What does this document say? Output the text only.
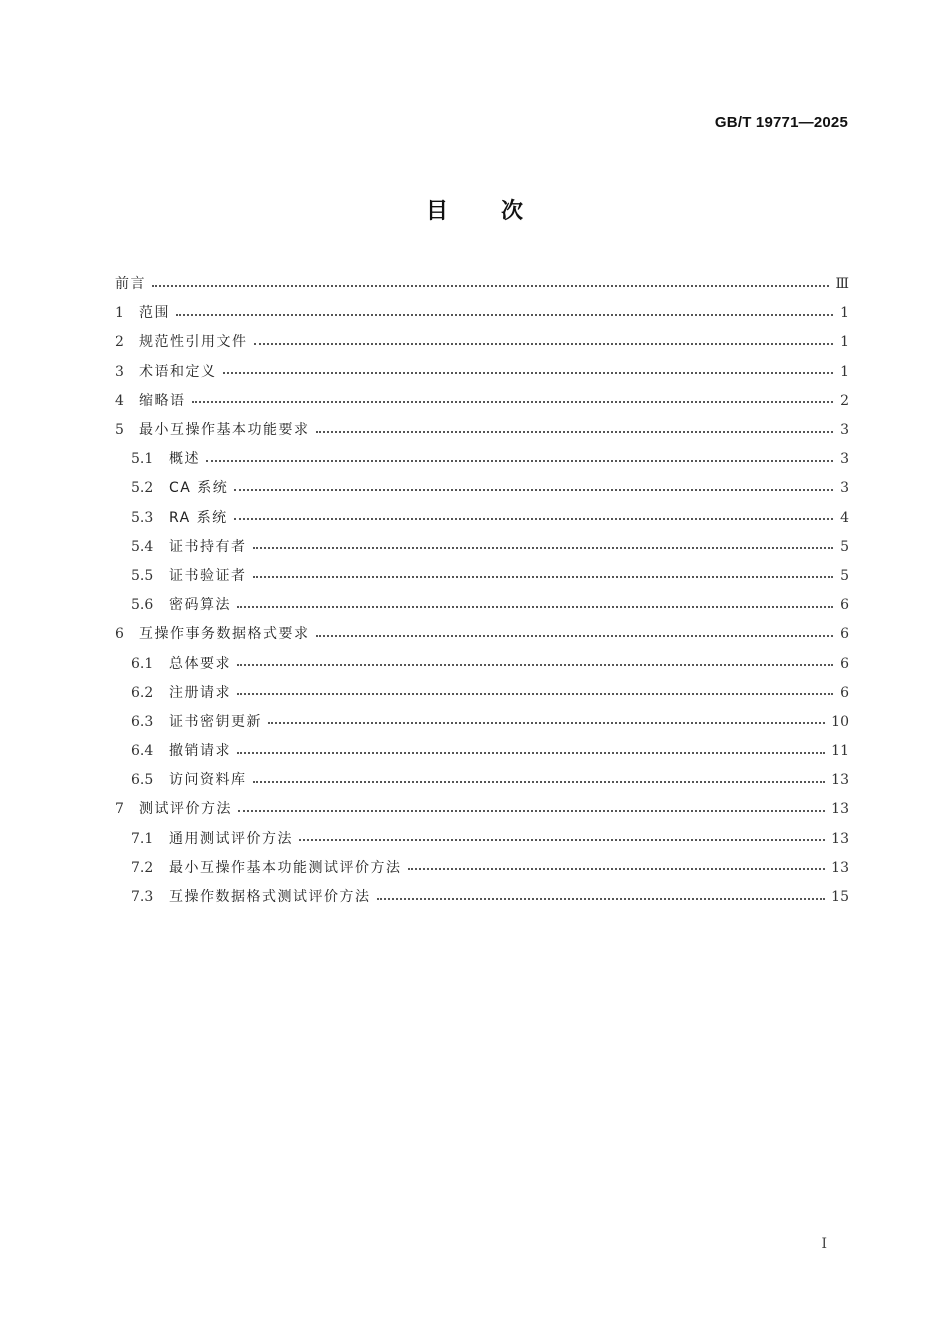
GB/T 19771—2025
目 次
前言	Ⅲ
1	范围	1
2	规范性引用文件	1
3	术语和定义	1
4	缩略语	2
5	最小互操作基本功能要求	3
5.1	概述	3
5.2	CA 系统	3
5.3	RA 系统	4
5.4	证书持有者	5
5.5	证书验证者	5
5.6	密码算法	6
6	互操作事务数据格式要求	6
6.1	总体要求	6
6.2	注册请求	6
6.3	证书密钥更新	10
6.4	撤销请求	11
6.5	访问资料库	13
7	测试评价方法	13
7.1	通用测试评价方法	13
7.2	最小互操作基本功能测试评价方法	13
7.3	互操作数据格式测试评价方法	15
I
